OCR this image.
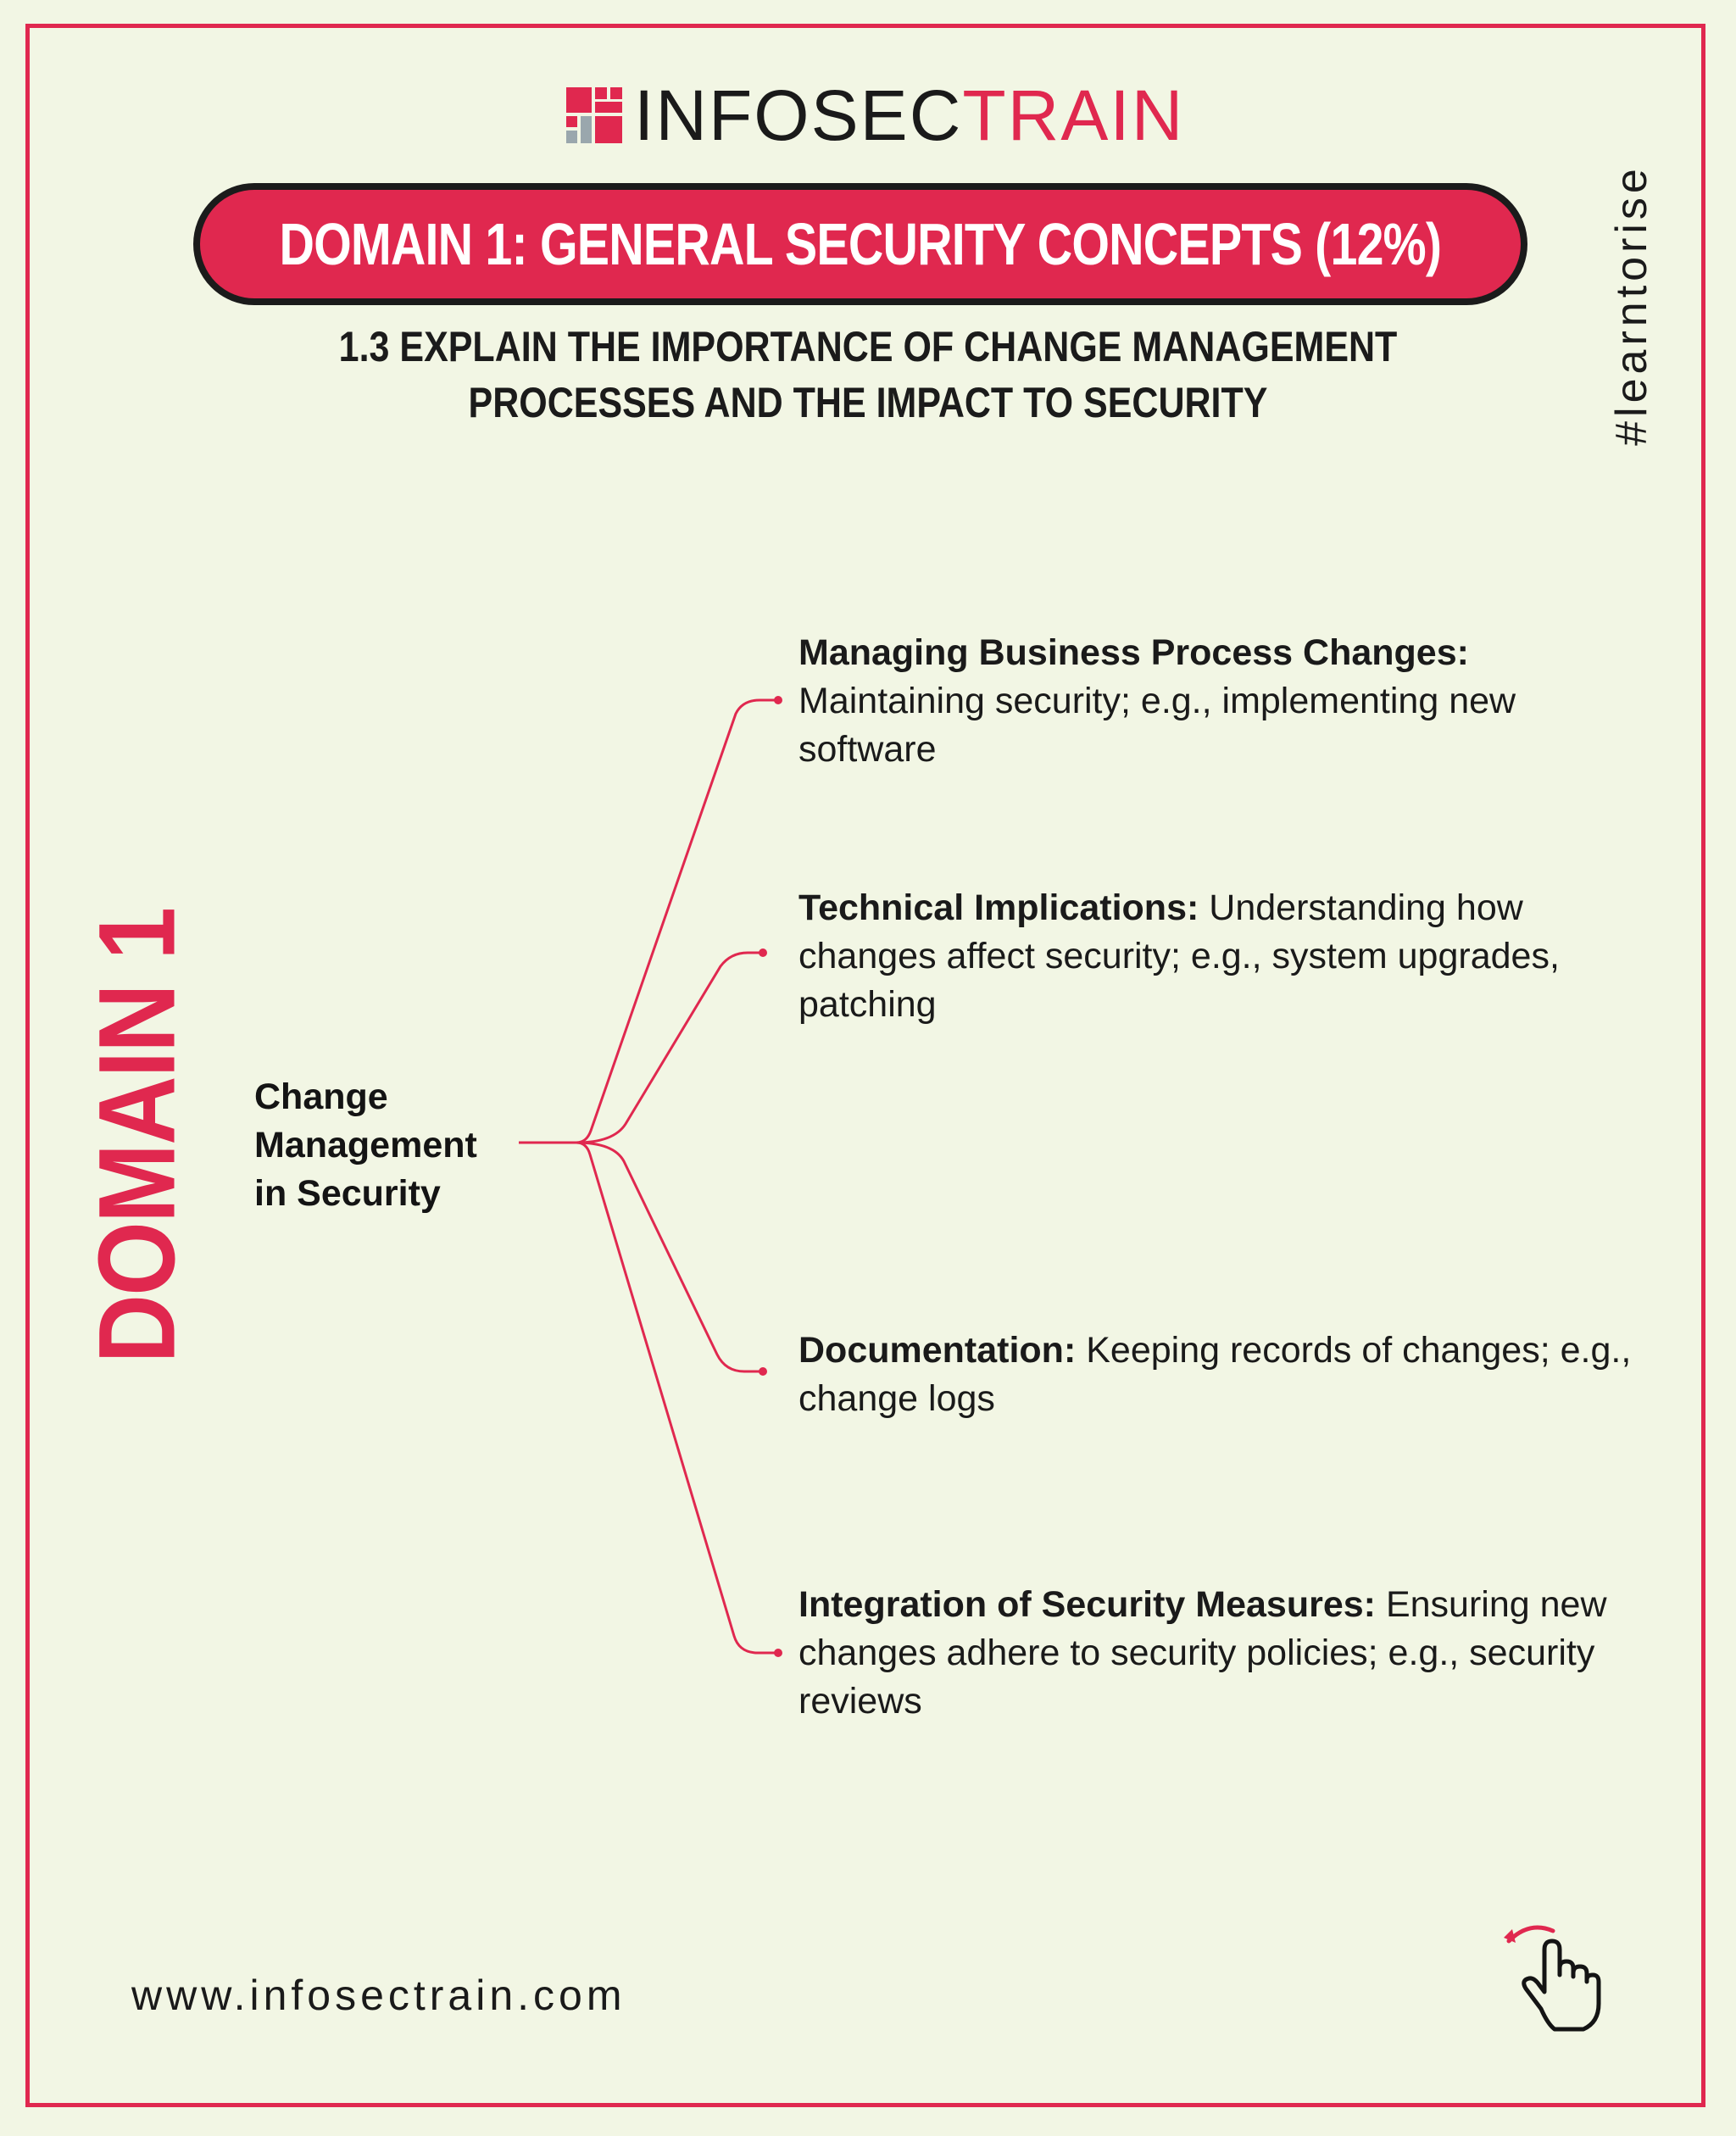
INFOSECTRAIN
DOMAIN 1: GENERAL SECURITY CONCEPTS (12%)
1.3 EXPLAIN THE IMPORTANCE OF CHANGE MANAGEMENT
PROCESSES AND THE IMPACT TO SECURITY	#learntorise
DOMAIN 1 Change
Management
in Security
Managing Business Process Changes: Maintaining security; e.g., implementing new software
Technical Implications: Understanding how changes affect security; e.g., system upgrades, patching
Documentation: Keeping records of changes; e.g., change logs
Integration of Security Measures: Ensuring new changes adhere to security policies; e.g., security reviews
www.infosectrain.com
